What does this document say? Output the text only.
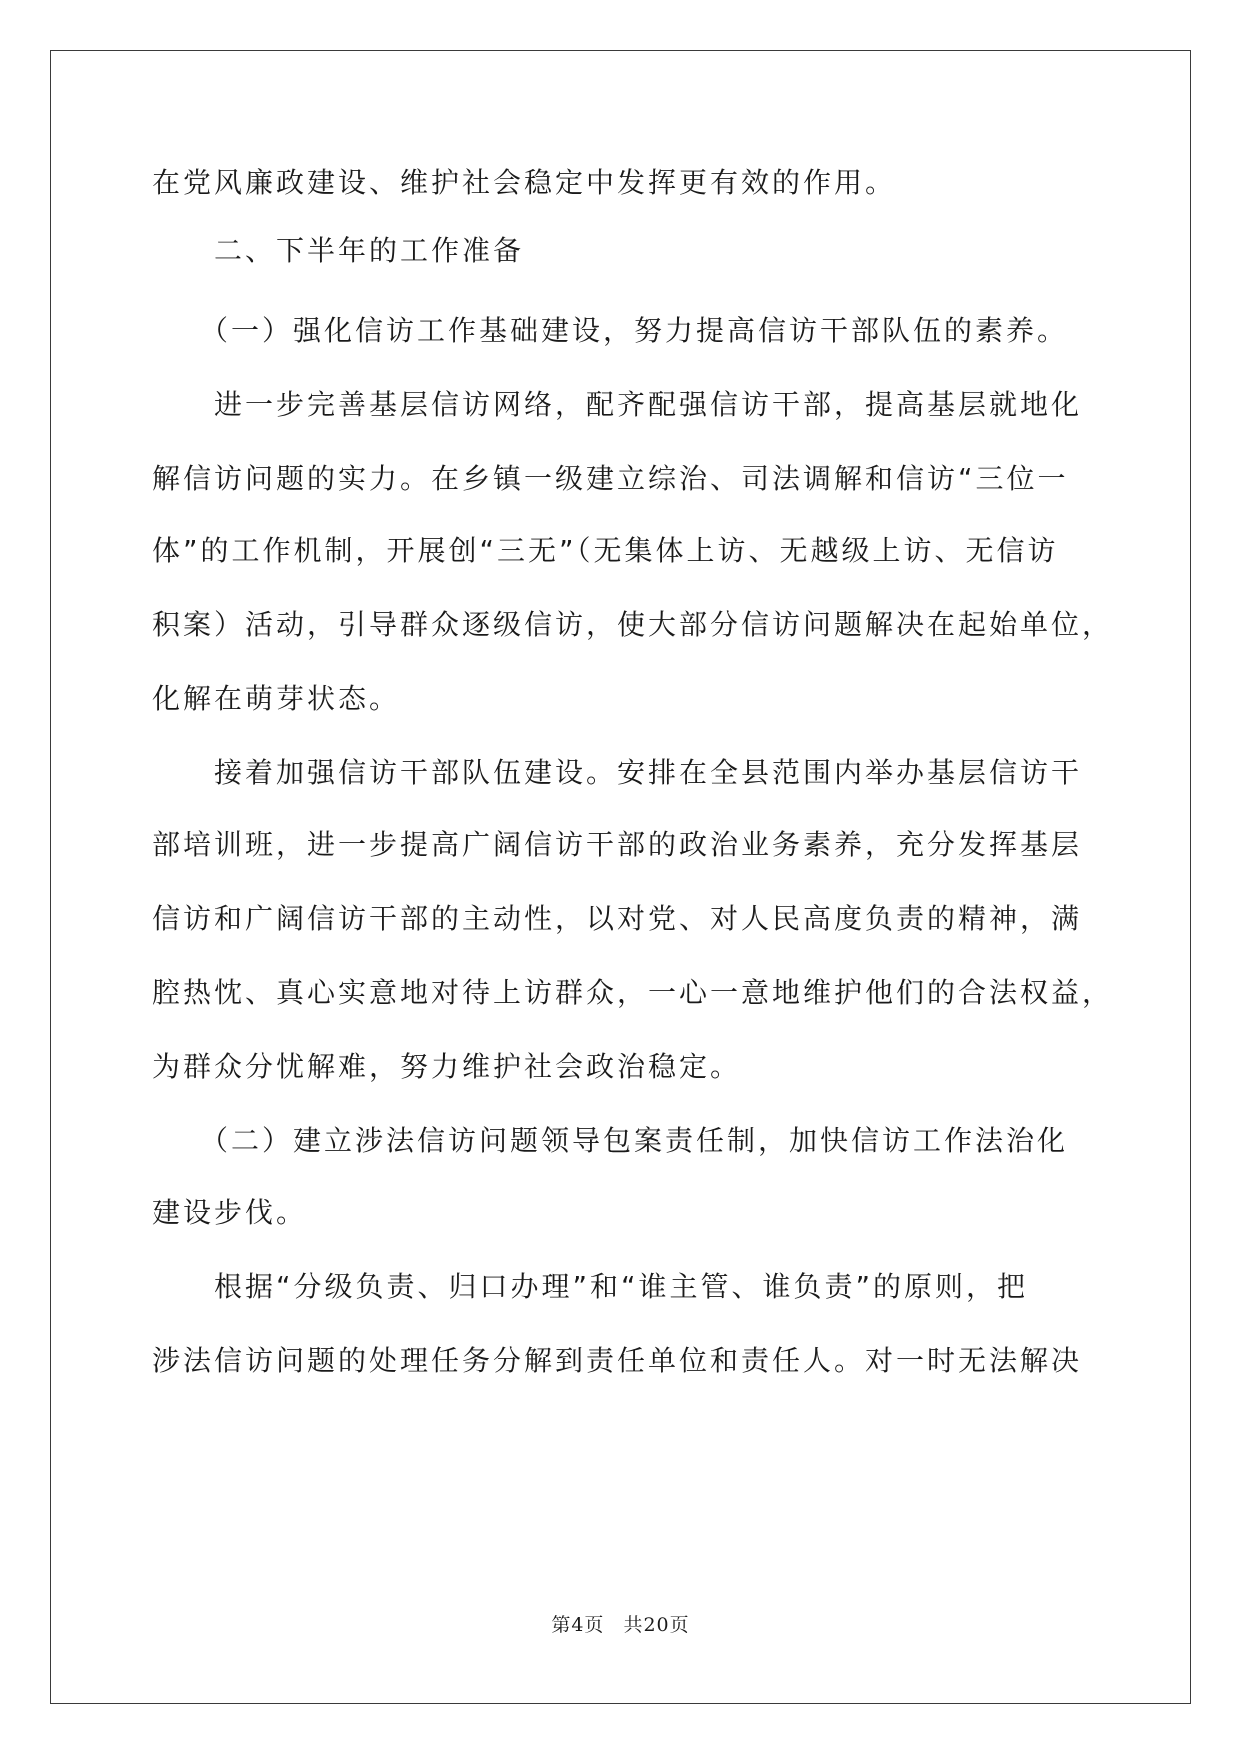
在党风廉政建设、维护社会稳定中发挥更有效的作用。

二、下半年的工作准备

（一）强化信访工作基础建设，努力提高信访干部队伍的素养。

进一步完善基层信访网络，配齐配强信访干部，提高基层就地化

解信访问题的实力。在乡镇一级建立综治、司法调解和信访“三位一

体”的工作机制，开展创“三无”（无集体上访、无越级上访、无信访

积案）活动，引导群众逐级信访，使大部分信访问题解决在起始单位，

化解在萌芽状态。

接着加强信访干部队伍建设。安排在全县范围内举办基层信访干

部培训班，进一步提高广阔信访干部的政治业务素养，充分发挥基层

信访和广阔信访干部的主动性，以对党、对人民高度负责的精神，满

腔热忱、真心实意地对待上访群众，一心一意地维护他们的合法权益，

为群众分忧解难，努力维护社会政治稳定。

（二）建立涉法信访问题领导包案责任制，加快信访工作法治化

建设步伐。

根据“分级负责、归口办理”和“谁主管、谁负责”的原则，把

涉法信访问题的处理任务分解到责任单位和责任人。对一时无法解决

第4页 共20页
